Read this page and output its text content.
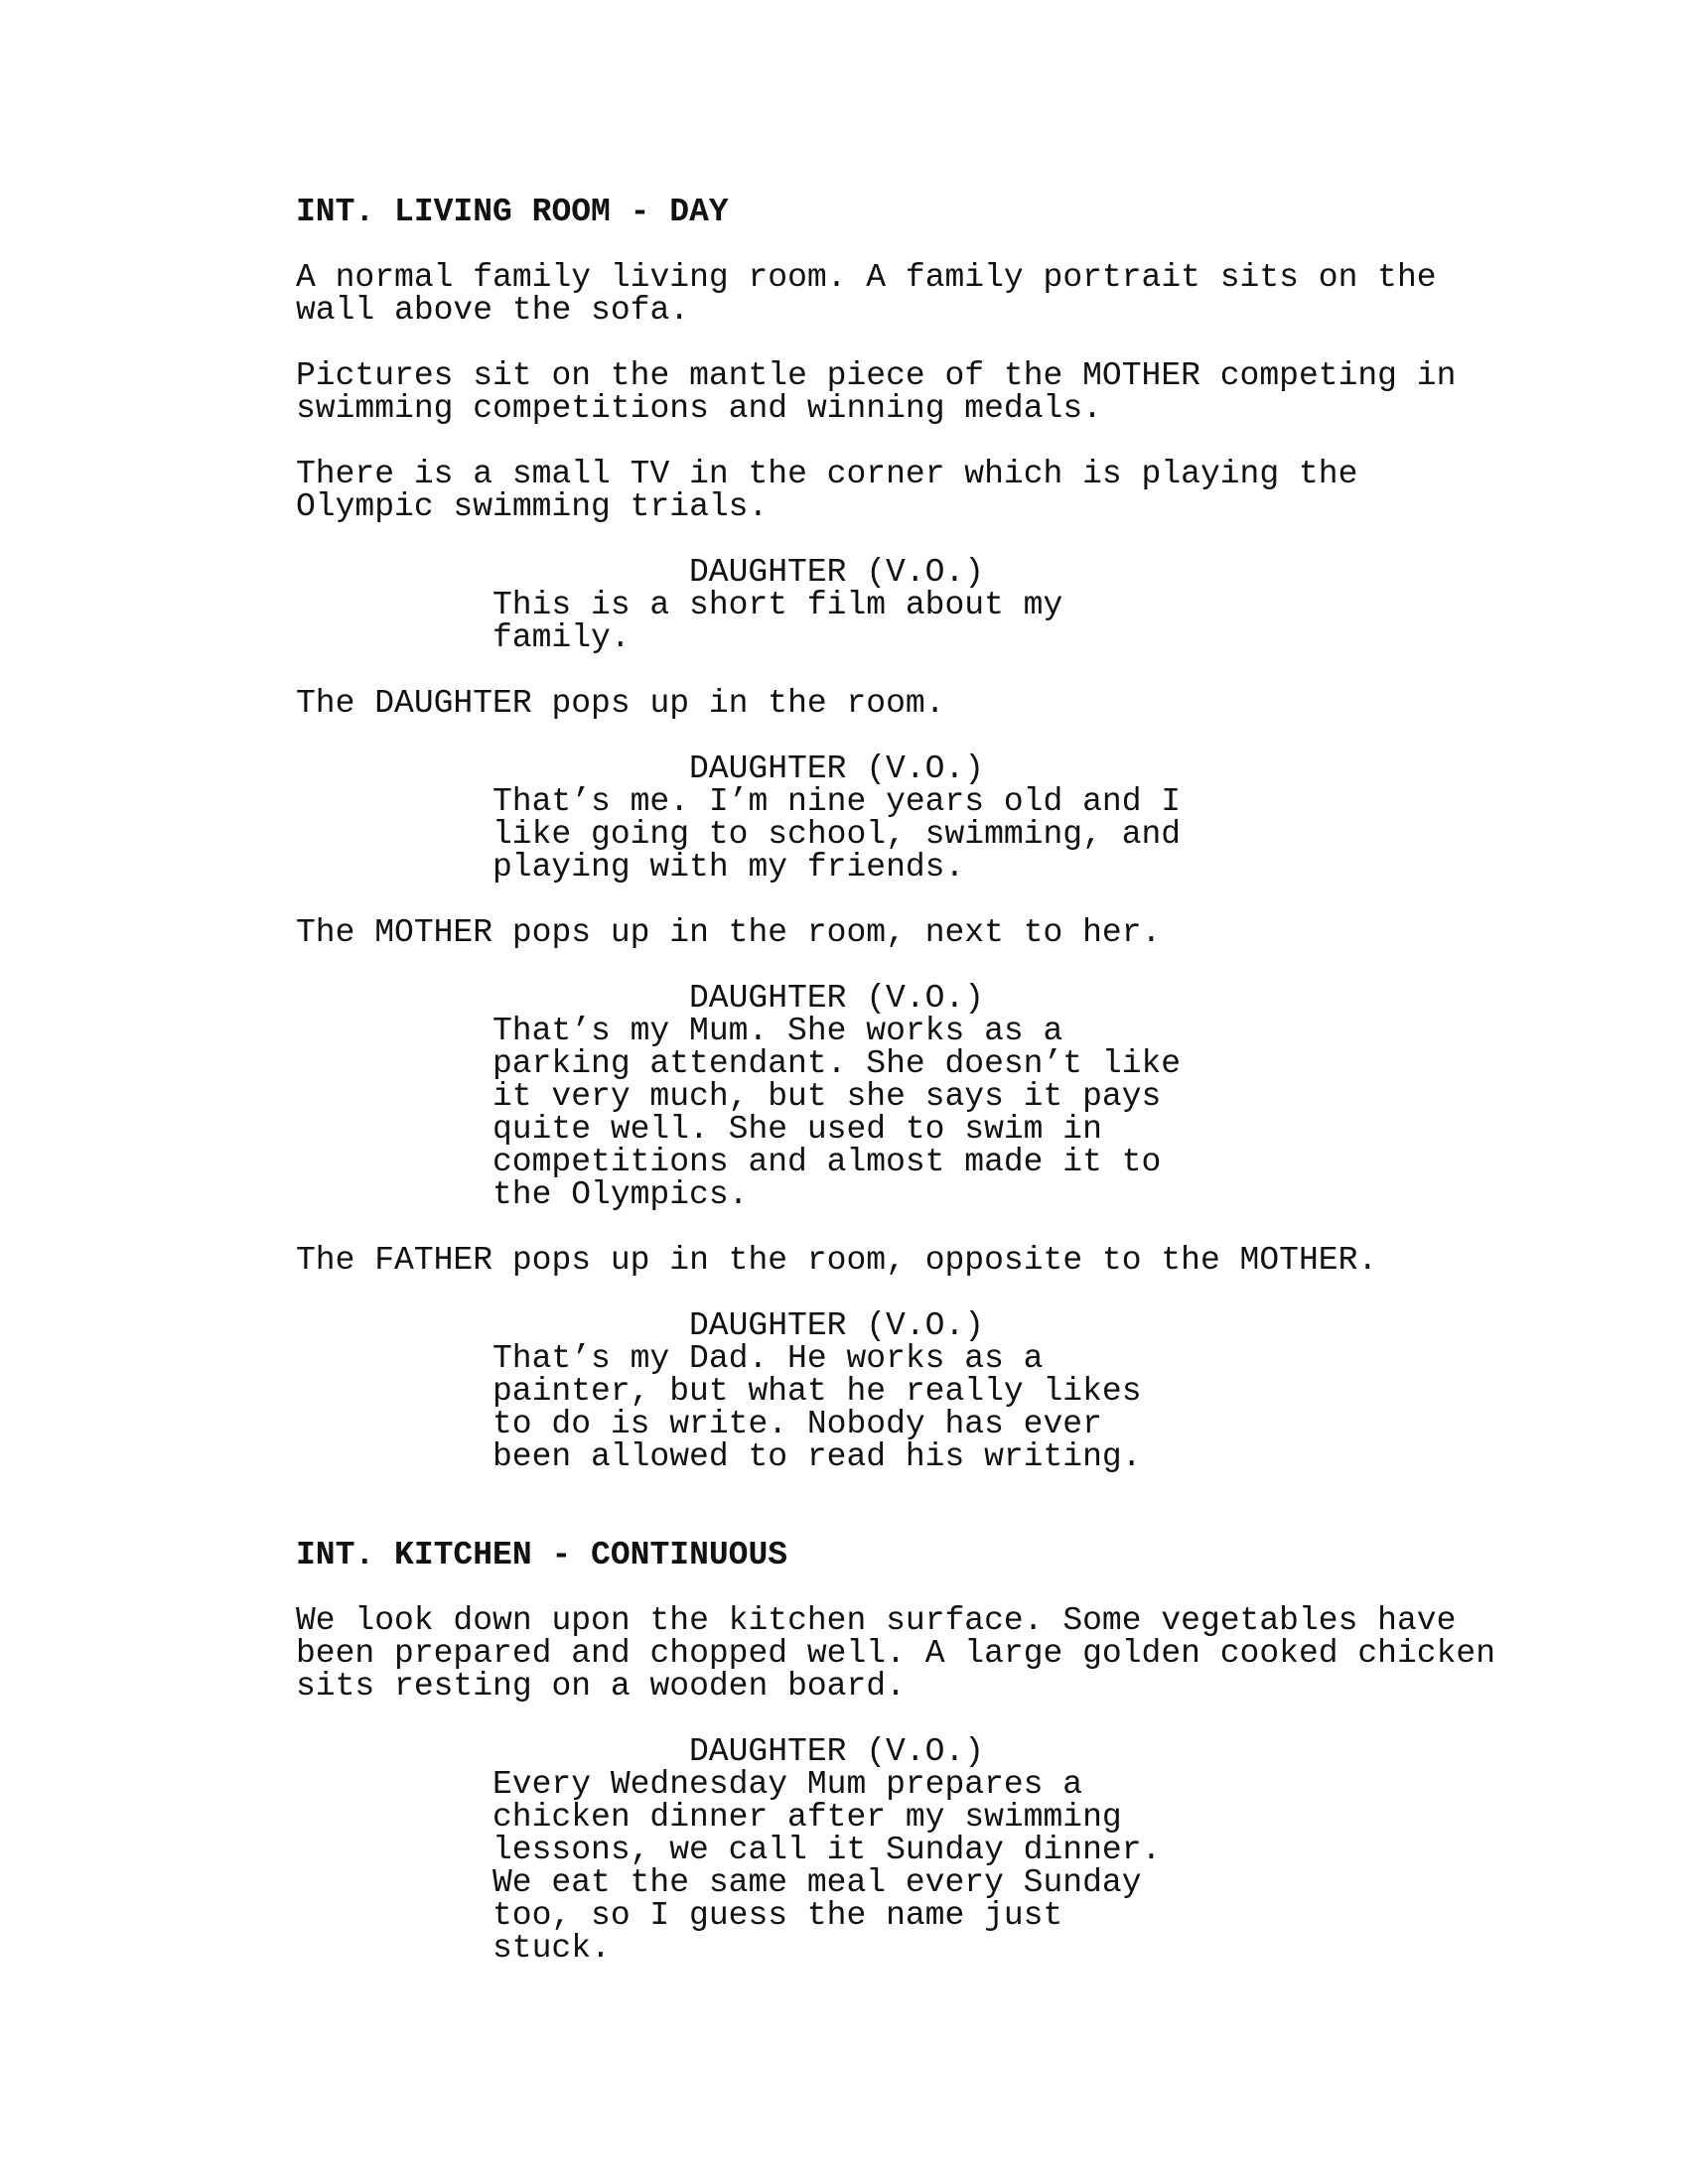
INT. LIVING ROOM - DAY
A normal family living room. A family portrait sits on the
wall above the sofa.
Pictures sit on the mantle piece of the MOTHER competing in
swimming competitions and winning medals.
There is a small TV in the corner which is playing the
Olympic swimming trials.
DAUGHTER (V.O.)
This is a short film about my
family.
The DAUGHTER pops up in the room.
DAUGHTER (V.O.)
That’s me. I’m nine years old and I
like going to school, swimming, and
playing with my friends.
The MOTHER pops up in the room, next to her.
DAUGHTER (V.O.)
That’s my Mum. She works as a
parking attendant. She doesn’t like
it very much, but she says it pays
quite well. She used to swim in
competitions and almost made it to
the Olympics.
The FATHER pops up in the room, opposite to the MOTHER.
DAUGHTER (V.O.)
That’s my Dad. He works as a
painter, but what he really likes
to do is write. Nobody has ever
been allowed to read his writing.
INT. KITCHEN - CONTINUOUS
We look down upon the kitchen surface. Some vegetables have
been prepared and chopped well. A large golden cooked chicken
sits resting on a wooden board.
DAUGHTER (V.O.)
Every Wednesday Mum prepares a
chicken dinner after my swimming
lessons, we call it Sunday dinner.
We eat the same meal every Sunday
too, so I guess the name just
stuck.
